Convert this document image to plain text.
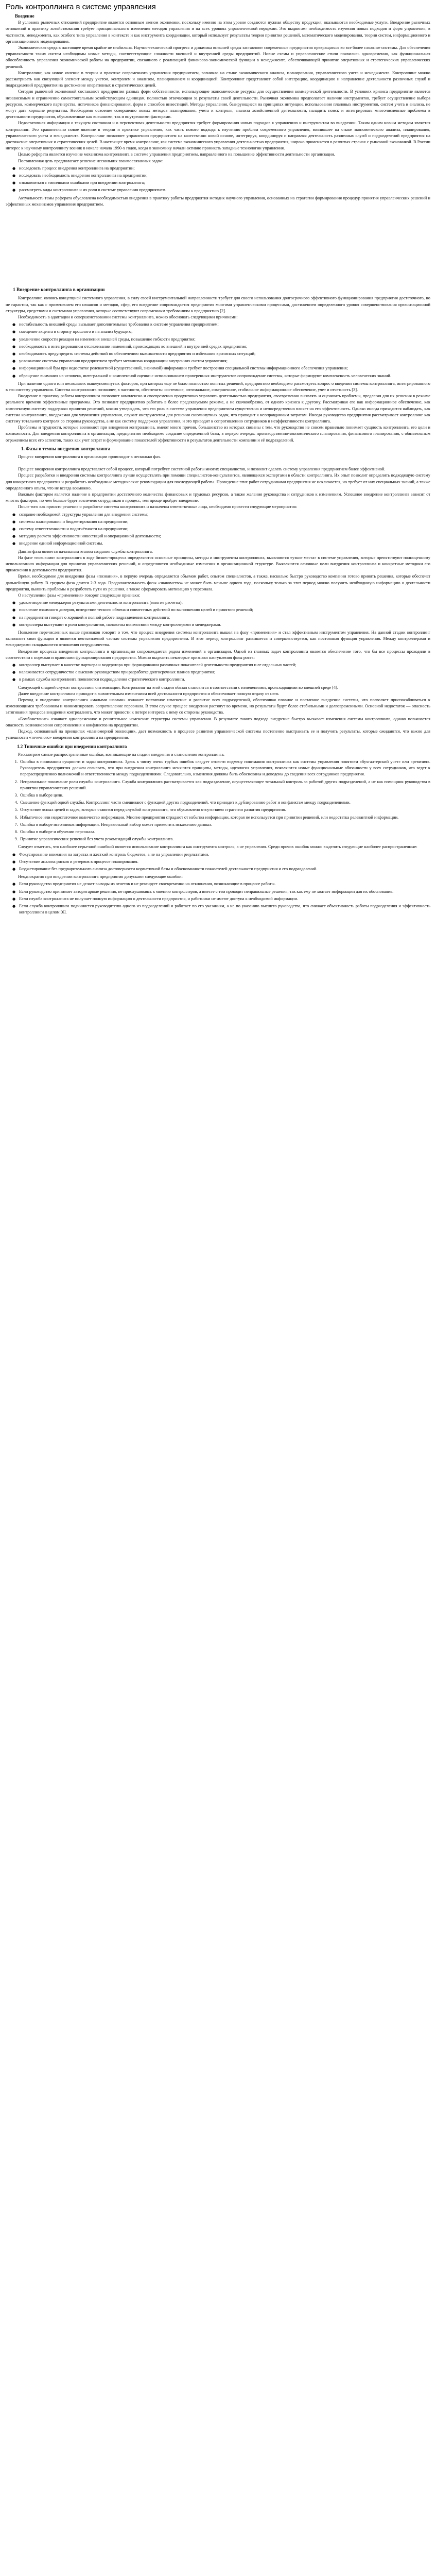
Роль контроллинга в системе управления
Введение

В условиях рыночных отношений предприятие является основным звеном экономики, поскольку именно на этом уровне создаются нужная обществу продукция, оказываются необходимые услуги. Внедрение рыночных отношений в практику хозяйствования требует принципиального изменения методов управления и на всех уровнях управленческой иерархии. Это выдвигает необходимость изучения новых подходов и форм управления, в частности, менеджмента, как особого типа управления в контексте и как инструмента координации, который использует результаты теории принятия решений, математического моделирования, теории систем, информационного и организационного моделирования.

Экономическая среда в настоящее время крайне не стабильна. Научно-технический прогресс и динамика внешней среды заставляют современные предприятия превращаться во все более сложные системы. Для обеспечения управляемости таких систем необходимы новые методы, соответствующие сложности внешней и внутренней среды предприятий. Новые схемы и управленческие стили появились одновременно, как функциональная обособленность управления экономической работы на предприятии, связанного с реализацией финансово-экономической функции в менеджменте, обеспечивающей принятие оперативных и стратегических управленческих решений.

Контроллинг, как новое явление в теории и практике современного управления предприятием, возникло на стыке экономического анализа, планирования, управленческого учета и менеджмента. Контроллинг можно рассматривать как связующий элемент между учетом, контролем и анализом, планированием и координацией. Контроллинг представляет собой интеграцию, координацию и направление деятельности различных служб и подразделений предприятия на достижение оперативных и стратегических целей.

Сегодня рыночной экономикой составляют предприятия разных форм собственности, использующие экономические ресурсы для осуществления коммерческой деятельности. В условиях кризиса предприятие является независимым и ограниченно самостоятельным хозяйствующим единицам, полностью отвечающим за результаты своей деятельности. Рыночная экономика предполагает наличие инструментов, требует осуществление выбора ресурсов, коммерческого партнерства, источников финансирования, форм и способов инвестиций. Методы управления, базирующиеся на принципах интуиции, использования плановых инструментов, систем учета и анализа, не могут дать хорошие результаты. Необходимо освоение совершенно новых методов планирования, учета и контроля, анализа хозяйственной деятельности, наладить поиск и интегрировать многочисленные проблемы в деятельности предприятия, обусловленные как внешними, так и внутренними факторами.

Недостаточная информация о текущем состоянии и о перспективах деятельности предприятия требует формирования новых подходов к управлению и инструментам во внедрении. Таким одним новым методом является контроллинг. Это сравнительно новое явление в теории и практике управления, как часть нового подхода к изучению проблем современного управления, возникшее на стыке экономического анализа, планирования, управленческого учета и менеджмента. Контроллинг позволяет управлению предприятием на качественно новой основе, интегрируя, координируя и направляя деятельность различных служб и подразделений предприятия на достижение оперативных и стратегических целей. В настоящее время контроллинг, как система экономического управления деятельностью предприятия, широко применяется в развитых странах с рыночной экономикой. В России интерес к научному контроллингу возник в начале начала 1990-х годов, когда в экономику начали активно проникать западные технологии управления.

Целью реферата является изучение механизма контроллинга в системе управления предприятием, направленного на повышение эффективности деятельности организации.

Поставленная цель предполагает решение нескольких взаимосвязанных задач:

● исследовать процесс внедрения контроллинга на предприятии;
● исследовать необходимость внедрения контроллинга на предприятии;
● ознакомиться с типичными ошибками при внедрении контроллинга;
● рассмотреть виды контроллинга и их роли в системе управления предприятием.

Актуальность темы реферата обусловлена необходимостью внедрения в практику работы предприятия методик научного управления, основанных на стратегии формирования процедур принятия управленческих решений и эффективных механизмов управления предприятием.

1 Внедрение контроллинга в организации

Контроллинг, являясь концепцией системного управления, в силу своей инструментальной направленности требует для своего использования долгосрочного эффективного функционирования предприятия достаточного, но не гарантии, так как с применением его нюансов и методов, сфер, его внедрение сопровождается предприятия многими управленческими процессами, достижением определенного уровня совершенствования организационной структуры, средствами и системами управления, которые соответствуют современным требованиям к предприятию [2].

Необходимость в адаптации и совершенствовании системы контроллинга, можно обосновать следующими причинами:

● нестабильность внешней среды вызывает дополнительные требования к системе управления предприятием;
● смещение акцента в сторону прошлого и на анализ будущего;
● увеличение скорости реакции на изменения внешней среды, повышение гибкости предприятия;
● необходимость в интегрированном отслеживании изменений, происходящих во внешней и внутренней средах предприятия;
● необходимость предупредить системы действий по обеспечению выживаемости предприятия и избежания кризисных ситуаций;
● усложнение системы управления предприятием требует механизма координации внутренних систем управления;
● информационный бум при недостатке релевантной (существенной, значимой) информации требует построения специальной системы информационного обеспечения управления;
● обращение внимания на человека, интегральной и комплексной оценки с использованием проверенных инструментов сопровождение системы, которые формируют комплексность человеческих знаний.

При наличии одного или нескольких вышеупомянутых факторов, при которых еще не было полностью понятых решений, предприятию необходимо рассмотреть вопрос о введении системы контроллинга, интегрированного в его систему управления. Система контроллинга позволяет, в частности, обеспечить: системное, оптимальное, совершенное, стабильное информационное обеспечение, учет и отчетность [3].

Внедрение в практику работы контроллинга позволяет комплексно и своевременно продуктивно управлять деятельностью предприятия, своевременно выявлять и оценивать проблемы, предлагая для их решения в режиме реального времени эффективные программы. Это позволит предприятию работать в более предсказуемом режиме, а не скачкообразно, от одного кризиса к другому. Рассматривая его как информационное обеспечение, как комплексную систему поддержки принятия решений, можно утверждать, что его роль в системе управления предприятием существенна и непосредственно влияет на его эффективность. Однако иногда приходится наблюдать, как система контроллинга, внедряемая для улучшения управления, служит инструментом для решения сиюминутных задач, что приводит к неоправданным затратам. Иногда руководство предприятия рассматривает контроллинг как систему тотального контроля со стороны руководства, а не как систему поддержки управления, и это приводит к сопротивлению сотрудников и неэффективности контроллинга.

Проблемы и трудности, которые возникают при внедрении контроллинга, имеют много причин, большинство из которых связаны с тем, что руководство не совсем правильно понимает сущность контроллинга, его цели и возможности. Для внедрения контроллинга в организации, предприятию необходимо создание определенной базы, в первую очередь: производственно-экономического планирования, финансового планирования, с обязательным отражением всех его аспектов, таких как учет затрат и формирование показателей эффективности и результатов деятельности компании и её подразделений.

1. Фазы и темпы внедрения контроллинга

Процесс внедрения контроллинга в организации происходит в несколько фаз.

Процесс внедрения контроллинга представляет собой процесс, который потребует системной работы многих специалистов, и позволит сделать систему управления предприятием более эффективной.

Процесс разработки и внедрения системы контроллинга лучше осуществлять при помощи специалистов-консультантов, являющихся экспертами в области контроллинга. Их опыт позволит определить подходящую систему для конкретного предприятия и разработать необходимые методические рекомендации для последующей работы. Проведение этих работ сотрудниками предприятия не исключается, но требует от них специальных знаний, а также определенного опыта, что не всегда возможно.

Важным фактором является наличие в предприятии достаточного количества финансовых и трудовых ресурсов, а также желания руководства и сотрудников к изменениям. Успешное внедрение контроллинга зависит от многих факторов, но чем больше будет вовлечено сотрудников в процесс, тем проще пройдет внедрение.

После того как принято решение о разработке системы контроллинга и назначены ответственные лица, необходимо провести следующие мероприятия:

● создание необходимой структуры управления для внедрения системы;
● системы планирования и бюджетирования на предприятии;
● систему ответственности и подотчётности на предприятии;
● методику расчета эффективности инвестиций и операционной деятельности;
● внедрение единой информационной системы.

Данная фаза является начальным этапом создания службы контроллинга.

На фазе «познания» контроллинга в ходе бизнес-процесса определяются основные принципы, методы и инструменты контроллинга, выявляются «узкие места» в системе управления, которые препятствуют полноценному использованию информации для принятия управленческих решений, и определяются необходимые изменения в организационной структуре. Выявляются основные цели внедрения контроллинга и конкретные методики его применения в деятельности предприятия.

Время, необходимое для внедрения фазы «познания», в первую очередь определяется объемом работ, опытом специалистов, а также, насколько быстро руководство компании готово принять решения, которые обеспечат дальнейшую работу. В среднем фаза длится 2-3 года. Продолжительность фазы «знакомство» не может быть меньше одного года, поскольку только за этот период можно получить необходимую информацию о деятельности предприятия, выявить проблемы и разработать пути их решения, а также сформировать мотивацию у персонала.

О наступлении фазы «применения» говорят следующие признаки:

● удовлетворение менеджеров результатами деятельности контроллинга (многие расчеты);
● появление взаимного доверия, вследствие тесного обмена и совместных действий по выполнению целей и принятию решений;
● на предприятии говорят о хорошей и полной работе подразделения контроллинга;
● контроллеры выступают в роли консультантов, налажены взаимосвязи между контроллерами и менеджерами.

Появление перечисленных выше признаков говорит о том, что процесс внедрения системы контроллинга вышел на фазу «применения» и стал эффективным инструментом управления. На данной стадии контроллинг выполняет свои функции и является неотъемлемой частью системы управления предприятием. В этот период контроллинг развивается и совершенствуется, как постоянная функция управления. Между контроллерами и менеджерами складываются отношения сотрудничества.

Внедрение процесса внедрения контроллинга в организацию сопровождается рядом изменений в организации. Одной из главных задач контроллинга является обеспечение того, что бы все процессы проходили в соответствии с нормами и правилами функционирования предприятия. Можно выделить некоторые признаки наступления фазы роста:

● контроллер выступает в качестве партнера и модератора при формировании различных показателей деятельности предприятия и ее отдельных частей;
● налаживается сотрудничество с высшим руководством при разработке долгосрочных планов предприятия;
● в рамках службы контроллинга появляются подразделения стратегического контроллинга.

Следующей стадией служит контроллинг оптимизации. Контроллинг на этой стадии обязан становится в соответствии с изменениями, происходящими во внешней среде [4].

Далее внедрение контроллинга приводит к значительным изменениям всей деятельности предприятия и обеспечивает полную отдачу от него.

Переход к внедрению контроллинга «малыми шагами» означает поэтапное изменение и развитие всех подразделений, обеспечивая плавное и поэтапное внедрение системы, что позволяет приспосабливаться к изменяющимся требованиям и минимизировать сопротивление персонала. В этом случае процесс внедрения растянут во времени, но результаты будут более стабильными и долговременными. Основной недостаток — опасность затягивания процесса внедрения контроллинга, что может привести к потере интереса к нему со стороны руководства.

«Бомбометание» означает одновременное и решительное изменение структуры системы управления. В результате такого подхода внедрение быстро вызывает изменения системы контроллинга, однако повышается опасность возникновения сопротивления и конфликтов на предприятии.

Подход, основанный на принципах «планомерной эволюции», дает возможность в процессе развития управленческой системы постепенно выстраивать ее и получить результаты, которые ожидаются, что важно для успешности «точечного» внедрения контроллинга на предприятии.

1.2 Типичные ошибки при внедрении контроллинга

Рассмотрим самые распространенные ошибки, возникающие на стадии внедрения и становления контроллинга.

1. Ошибка в понимании сущности и задач контроллинга. Здесь к числу очень грубых ошибок следует отнести подмену понимания контроллинга как системы управления понятием «бухгалтерский учет» или «ревизия». Руководитель предприятия должен сознавать, что при внедрении контроллинга меняются принципы, методы, идеология управления, появляются новые функциональные обязанности у всех сотрудников, что ведет к перераспределению полномочий и ответственности между подразделениями. Следовательно, изменения должны быть обоснованы и доведены до сведения всех сотрудников предприятия.
2. Неправильное понимание роли службы контроллинга. Служба контроллинга рассматривается как подразделение, осуществляющее тотальный контроль за работой других подразделений, а не как помощник руководства в принятии управленческих решений.
3. Ошибка в выборе цели.
4. Смешение функций одной службы. Контроллинг часто смешивают с функцией других подразделений, что приводит к дублированию работ и конфликтам между подразделениями.
5. Отсутствие ясных целей и задач, которые ставятся перед службой контроллинга, что обусловлено отсутствием стратегии развития предприятия.
6. Избыточное или недостаточное количество информации. Многие предприятия страдают от избытка информации, которая не используется при принятии решений, или недостатка релевантной информации.
7. Ошибка в выборе источников информации. Неправильный выбор может привести к искажению данных.
8. Ошибка в выборе и обучении персонала.
9. Принятие управленческих решений без учета рекомендаций службы контроллинга.

Следует отметить, что наиболее серьезной ошибкой является использование контроллинга как инструмента контроля, а не управления. Среди прочих ошибок можно выделить следующие наиболее распространенные:

● Фокусирование внимания на затратах и жесткий контроль бюджетов, а не на управлении результатами.
● Отсутствие анализа рисков и резервов в процессе планирования.
● Бюджетирование без предварительного анализа достоверности нормативной базы и обоснованности показателей деятельности предприятия и его подразделений.

Неоднократно при внедрении контроллинга предприятия допускают следующие ошибки:

● Если руководство предприятия не делает выводы из отчетов и не реагирует своевременно на отклонения, возникающие в процессе работы.
● Если руководство принимает авторитарные решения, не прислушиваясь к мнению контроллеров, а вместе с тем проводит неправильные решения, так как ему не хватает информации для их обоснования.
● Если служба контроллинга не получает полную информацию о деятельности предприятия, и работники не имеют доступа к необходимой информации.
● Если служба контроллинга подчиняется руководителю одного из подразделений и работает по его указаниям, а не по указанию высшего руководства, что снижает объективность работы подразделения и эффективность контроллинга в целом [6].
